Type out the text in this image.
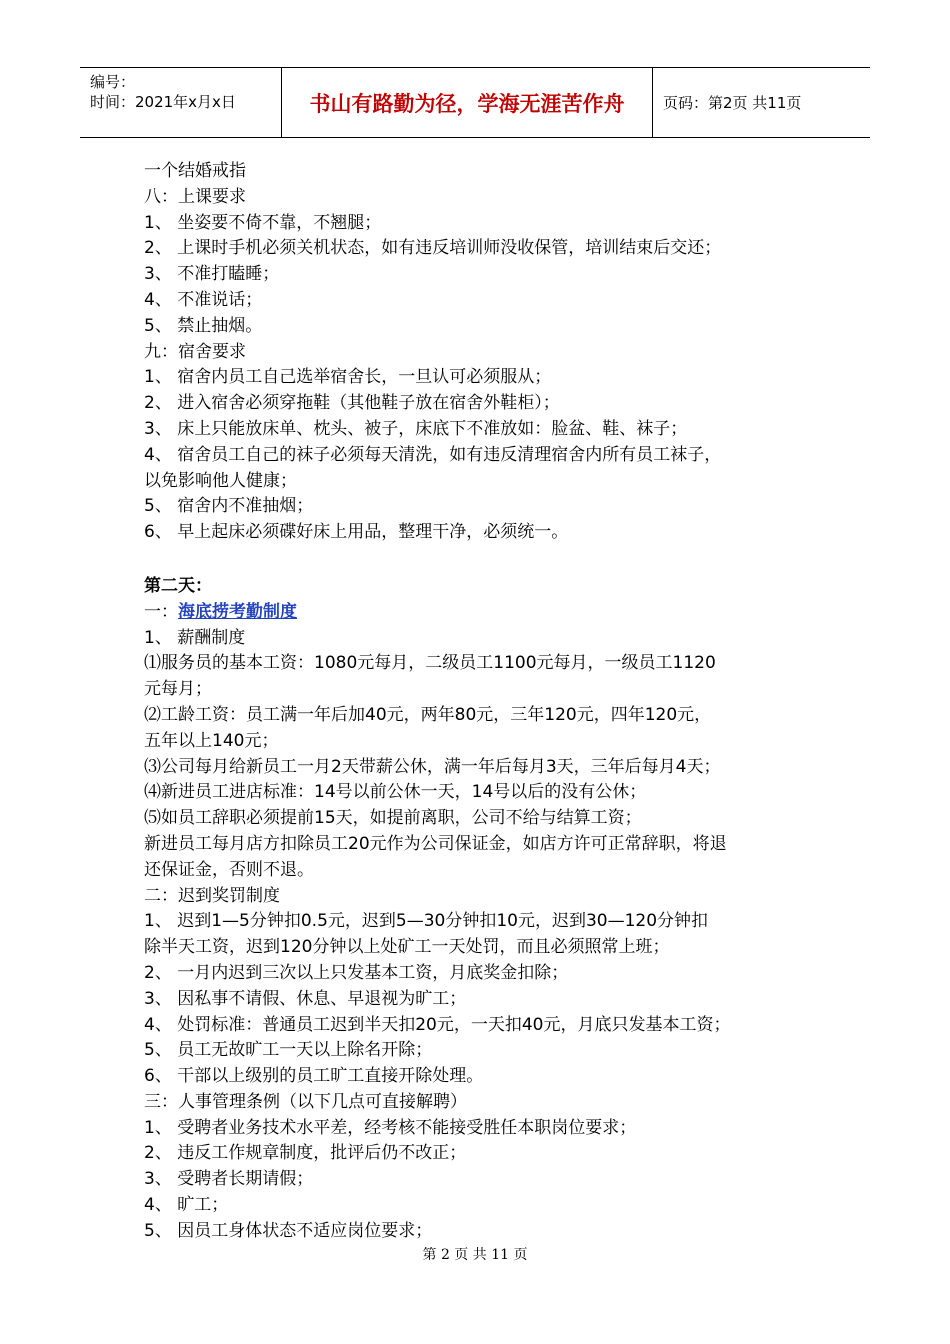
编号：
时间：2021年x月x日	书山有路勤为径，学海无涯苦作舟	页码：第2页 共11页
一个结婚戒指
八：上课要求
1、 坐姿要不倚不靠，不翘腿；
2、 上课时手机必须关机状态，如有违反培训师没收保管，培训结束后交还；
3、 不准打瞌睡；
4、 不准说话；
5、 禁止抽烟。
九：宿舍要求
1、 宿舍内员工自己选举宿舍长，一旦认可必须服从；
2、 进入宿舍必须穿拖鞋（其他鞋子放在宿舍外鞋柜）；
3、 床上只能放床单、枕头、被子，床底下不准放如：脸盆、鞋、袜子；
4、 宿舍员工自己的袜子必须每天清洗，如有违反清理宿舍内所有员工袜子，
以免影响他人健康；
5、 宿舍内不准抽烟；
6、 早上起床必须碟好床上用品，整理干净，必须统一。
第二天：
一：海底捞考勤制度
1、 薪酬制度
⑴服务员的基本工资：1080元每月，二级员工1100元每月，一级员工1120
元每月；
⑵工龄工资：员工满一年后加40元，两年80元，三年120元，四年120元，
五年以上140元；
⑶公司每月给新员工一月2天带薪公休，满一年后每月3天，三年后每月4天；
⑷新进员工进店标准：14号以前公休一天，14号以后的没有公休；
⑸如员工辞职必须提前15天，如提前离职，公司不给与结算工资；
新进员工每月店方扣除员工20元作为公司保证金，如店方许可正常辞职，将退
还保证金，否则不退。
二：迟到奖罚制度
1、 迟到1—5分钟扣0.5元，迟到5—30分钟扣10元，迟到30—120分钟扣
除半天工资，迟到120分钟以上处矿工一天处罚，而且必须照常上班；
2、 一月内迟到三次以上只发基本工资，月底奖金扣除；
3、 因私事不请假、休息、早退视为旷工；
4、 处罚标准：普通员工迟到半天扣20元，一天扣40元，月底只发基本工资；
5、 员工无故旷工一天以上除名开除；
6、 干部以上级别的员工旷工直接开除处理。
三：人事管理条例（以下几点可直接解聘）
1、 受聘者业务技术水平差，经考核不能接受胜任本职岗位要求；
2、 违反工作规章制度，批评后仍不改正；
3、 受聘者长期请假；
4、 旷工；
5、 因员工身体状态不适应岗位要求；
第 2 页 共 11 页
